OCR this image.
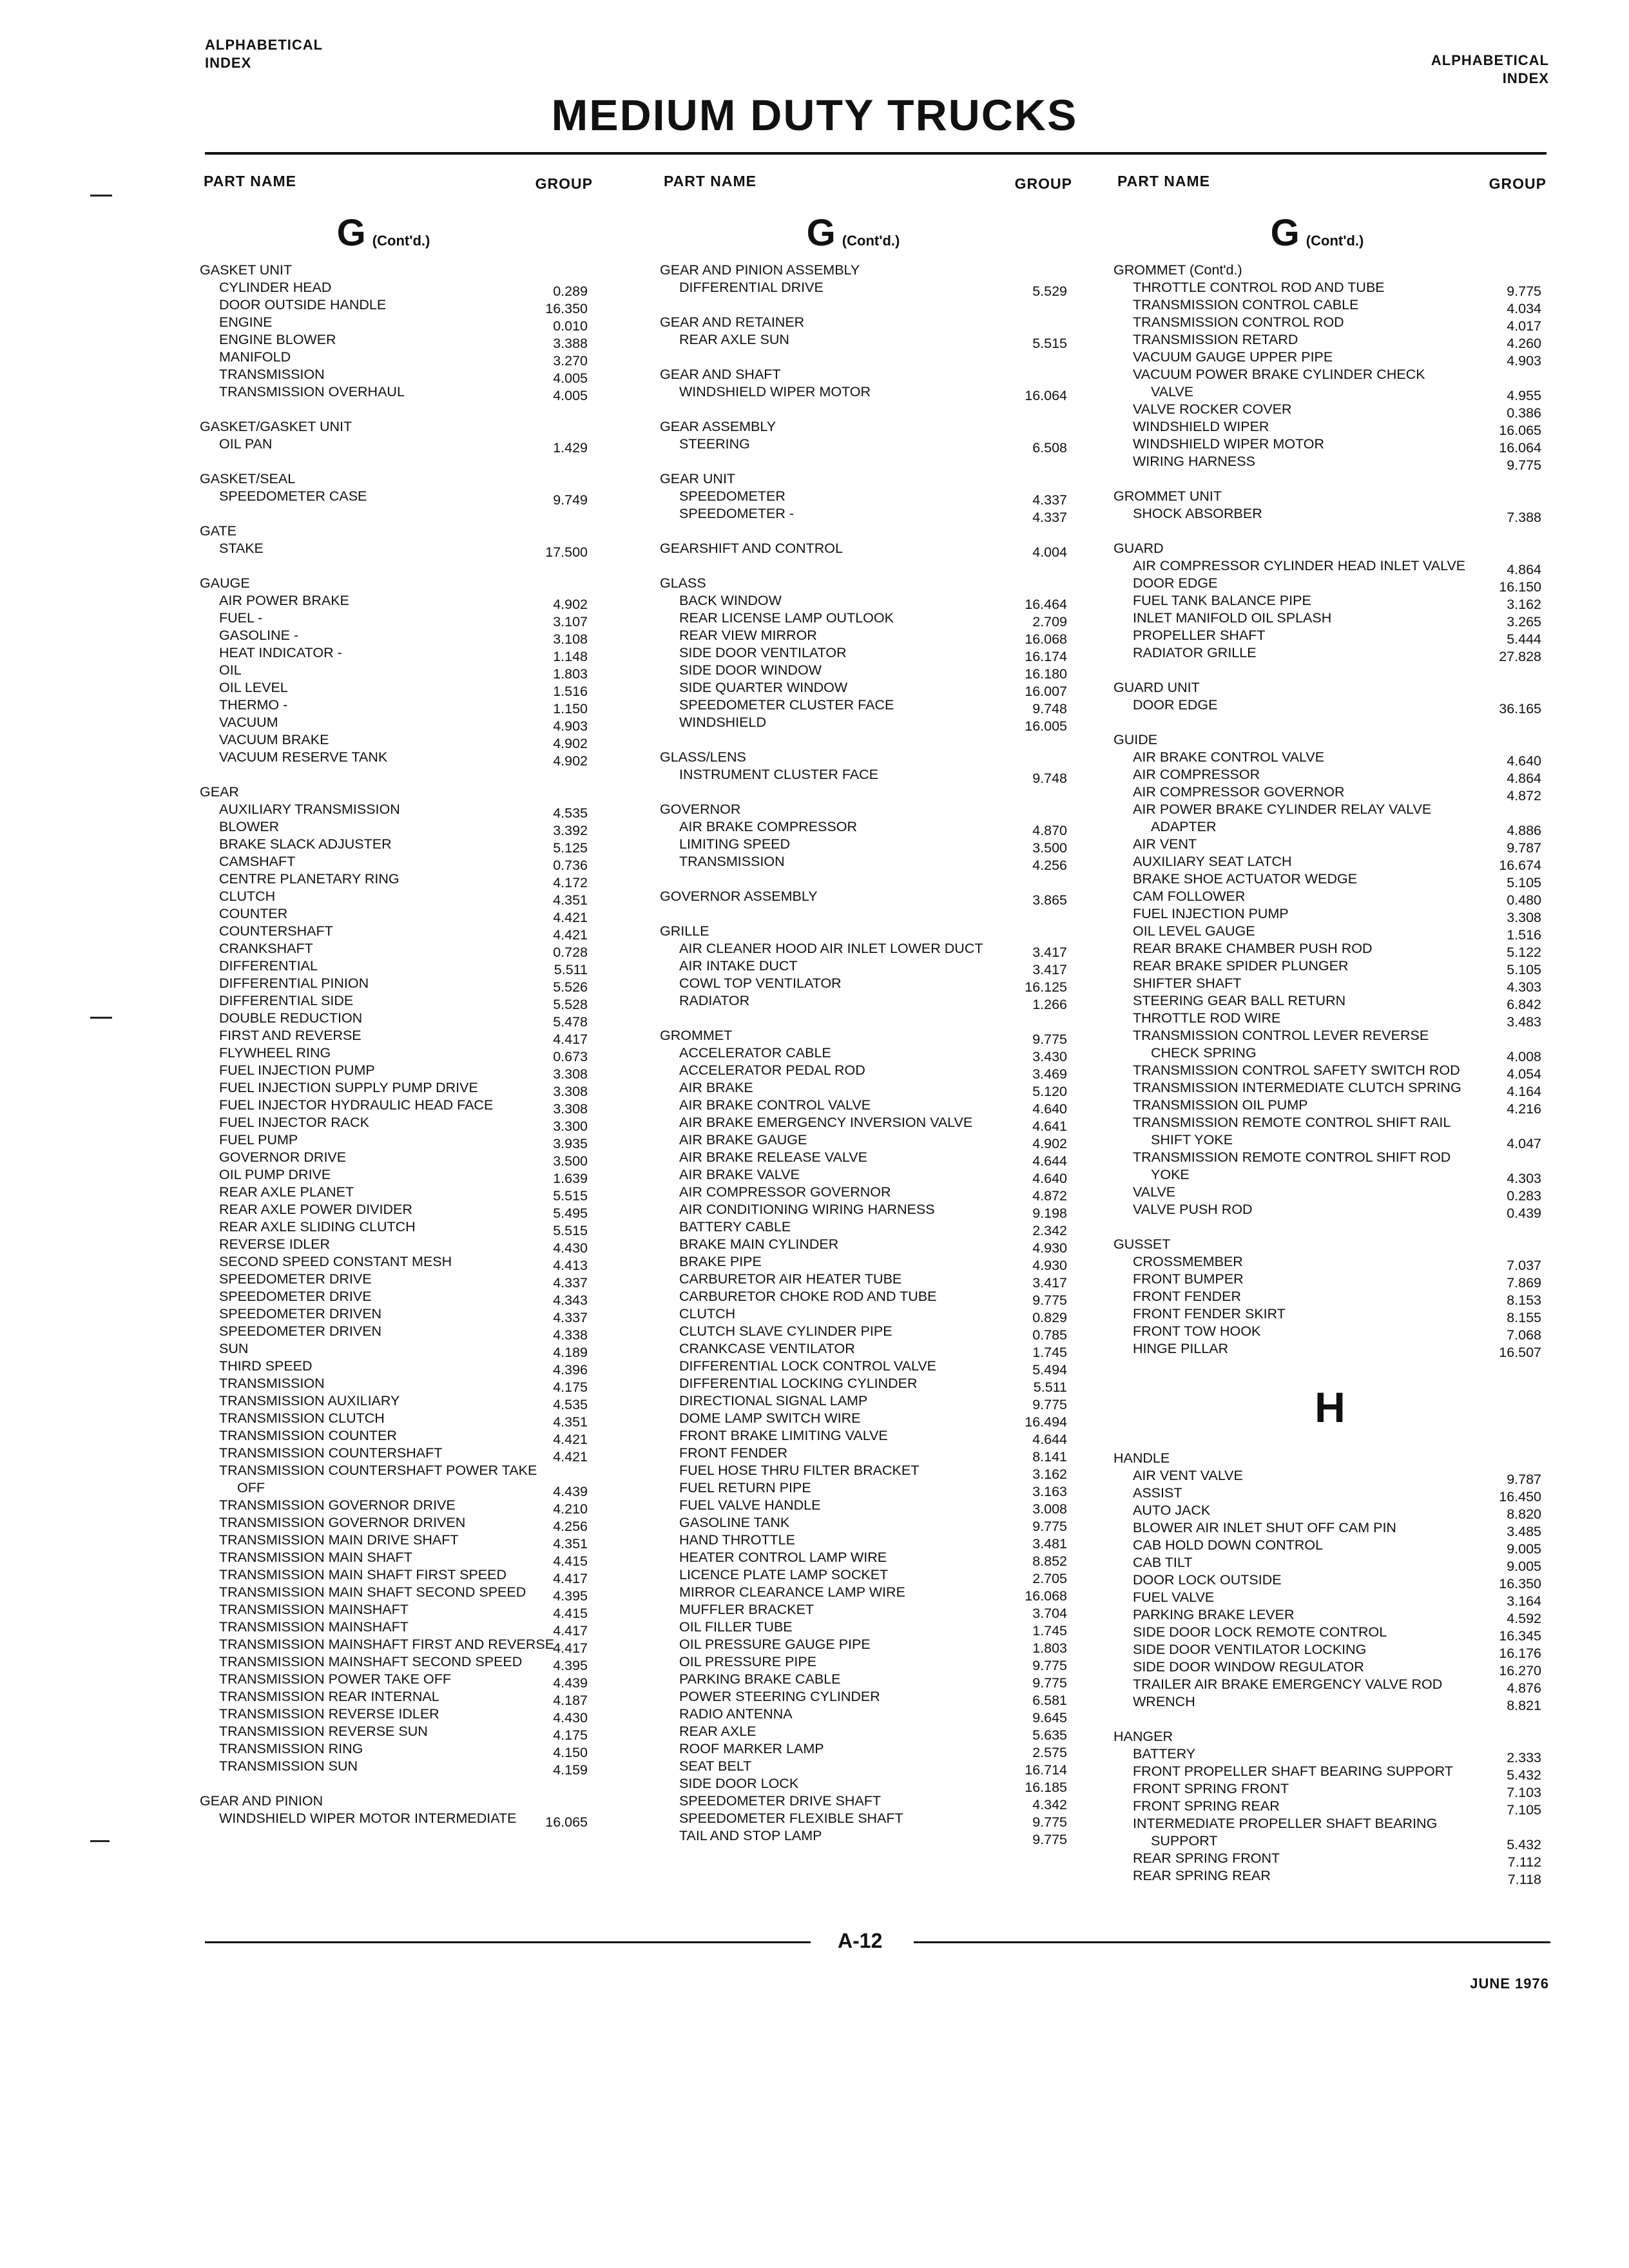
ALPHABETICAL
INDEX	ALPHABETICAL
INDEX
MEDIUM DUTY TRUCKS
PART NAME	GROUP
G (Cont'd.)
GASKET UNIT
CYLINDER HEAD	0.289
DOOR OUTSIDE HANDLE	16.350
ENGINE	0.010
ENGINE BLOWER	3.388
MANIFOLD	3.270
TRANSMISSION	4.005
TRANSMISSION OVERHAUL	4.005
GASKET/GASKET UNIT
OIL PAN	1.429
GASKET/SEAL
SPEEDOMETER CASE	9.749
GATE
STAKE	17.500
GAUGE
AIR POWER BRAKE	4.902
FUEL -	3.107
GASOLINE -	3.108
HEAT INDICATOR -	1.148
OIL	1.803
OIL LEVEL	1.516
THERMO -	1.150
VACUUM	4.903
VACUUM BRAKE	4.902
VACUUM RESERVE TANK	4.902
GEAR
AUXILIARY TRANSMISSION	4.535
BLOWER	3.392
BRAKE SLACK ADJUSTER	5.125
CAMSHAFT	0.736
CENTRE PLANETARY RING	4.172
CLUTCH	4.351
COUNTER	4.421
COUNTERSHAFT	4.421
CRANKSHAFT	0.728
DIFFERENTIAL	5.511
DIFFERENTIAL PINION	5.526
DIFFERENTIAL SIDE	5.528
DOUBLE REDUCTION	5.478
FIRST AND REVERSE	4.417
FLYWHEEL RING	0.673
FUEL INJECTION PUMP	3.308
FUEL INJECTION SUPPLY PUMP DRIVE	3.308
FUEL INJECTOR HYDRAULIC HEAD FACE	3.308
FUEL INJECTOR RACK	3.300
FUEL PUMP	3.935
GOVERNOR DRIVE	3.500
OIL PUMP DRIVE	1.639
REAR AXLE PLANET	5.515
REAR AXLE POWER DIVIDER	5.495
REAR AXLE SLIDING CLUTCH	5.515
REVERSE IDLER	4.430
SECOND SPEED CONSTANT MESH	4.413
SPEEDOMETER DRIVE	4.337
SPEEDOMETER DRIVE	4.343
SPEEDOMETER DRIVEN	4.337
SPEEDOMETER DRIVEN	4.338
SUN	4.189
THIRD SPEED	4.396
TRANSMISSION	4.175
TRANSMISSION AUXILIARY	4.535
TRANSMISSION CLUTCH	4.351
TRANSMISSION COUNTER	4.421
TRANSMISSION COUNTERSHAFT	4.421
TRANSMISSION COUNTERSHAFT POWER TAKE
OFF	4.439
TRANSMISSION GOVERNOR DRIVE	4.210
TRANSMISSION GOVERNOR DRIVEN	4.256
TRANSMISSION MAIN DRIVE SHAFT	4.351
TRANSMISSION MAIN SHAFT	4.415
TRANSMISSION MAIN SHAFT FIRST SPEED	4.417
TRANSMISSION MAIN SHAFT SECOND SPEED 4.395
TRANSMISSION MAINSHAFT	4.415
TRANSMISSION MAINSHAFT	4.417
TRANSMISSION MAINSHAFT FIRST AND REVERSE
4.417
TRANSMISSION MAINSHAFT SECOND SPEED 4.395
TRANSMISSION POWER TAKE OFF	4.439
TRANSMISSION REAR INTERNAL	4.187
TRANSMISSION REVERSE IDLER	4.430
TRANSMISSION REVERSE SUN	4.175
TRANSMISSION RING	4.150
TRANSMISSION SUN	4.159
GEAR AND PINION
WINDSHIELD WIPER MOTOR INTERMEDIATE 16.065
PART NAME	GROUP
G (Cont'd.)
GEAR AND PINION ASSEMBLY
DIFFERENTIAL DRIVE	5.529
GEAR AND RETAINER
REAR AXLE SUN	5.515
GEAR AND SHAFT
WINDSHIELD WIPER MOTOR	16.064
GEAR ASSEMBLY
STEERING	6.508
GEAR UNIT
SPEEDOMETER	4.337
SPEEDOMETER -	4.337
GEARSHIFT AND CONTROL	4.004
GLASS
BACK WINDOW	16.464
REAR LICENSE LAMP OUTLOOK	2.709
REAR VIEW MIRROR	16.068
SIDE DOOR VENTILATOR	16.174
SIDE DOOR WINDOW	16.180
SIDE QUARTER WINDOW	16.007
SPEEDOMETER CLUSTER FACE	9.748
WINDSHIELD	16.005
GLASS/LENS
INSTRUMENT CLUSTER FACE	9.748
GOVERNOR
AIR BRAKE COMPRESSOR	4.870
LIMITING SPEED	3.500
TRANSMISSION	4.256
GOVERNOR ASSEMBLY	3.865
GRILLE
AIR CLEANER HOOD AIR INLET LOWER DUCT	3.417
AIR INTAKE DUCT	3.417
COWL TOP VENTILATOR	16.125
RADIATOR	1.266
GROMMET	9.775
ACCELERATOR CABLE	3.430
ACCELERATOR PEDAL ROD	3.469
AIR BRAKE	5.120
AIR BRAKE CONTROL VALVE	4.640
AIR BRAKE EMERGENCY INVERSION VALVE	4.641
AIR BRAKE GAUGE	4.902
AIR BRAKE RELEASE VALVE	4.644
AIR BRAKE VALVE	4.640
AIR COMPRESSOR GOVERNOR	4.872
AIR CONDITIONING WIRING HARNESS	9.198
BATTERY CABLE	2.342
BRAKE MAIN CYLINDER	4.930
BRAKE PIPE	4.930
CARBURETOR AIR HEATER TUBE	3.417
CARBURETOR CHOKE ROD AND TUBE	9.775
CLUTCH	0.829
CLUTCH SLAVE CYLINDER PIPE	0.785
CRANKCASE VENTILATOR	1.745
DIFFERENTIAL LOCK CONTROL VALVE	5.494
DIFFERENTIAL LOCKING CYLINDER	5.511
DIRECTIONAL SIGNAL LAMP	9.775
DOME LAMP SWITCH WIRE	16.494
FRONT BRAKE LIMITING VALVE	4.644
FRONT FENDER	8.141
FUEL HOSE THRU FILTER BRACKET	3.162
FUEL RETURN PIPE	3.163
FUEL VALVE HANDLE	3.008
GASOLINE TANK	9.775
HAND THROTTLE	3.481
HEATER CONTROL LAMP WIRE	8.852
LICENCE PLATE LAMP SOCKET	2.705
MIRROR CLEARANCE LAMP WIRE	16.068
MUFFLER BRACKET	3.704
OIL FILLER TUBE	1.745
OIL PRESSURE GAUGE PIPE	1.803
OIL PRESSURE PIPE	9.775
PARKING BRAKE CABLE	9.775
POWER STEERING CYLINDER	6.581
RADIO ANTENNA	9.645
REAR AXLE	5.635
ROOF MARKER LAMP	2.575
SEAT BELT	16.714
SIDE DOOR LOCK	16.185
SPEEDOMETER DRIVE SHAFT	4.342
SPEEDOMETER FLEXIBLE SHAFT	9.775
TAIL AND STOP LAMP	9.775
PART NAME	GROUP
G (Cont'd.)
GROMMET (Cont'd.)
THROTTLE CONTROL ROD AND TUBE	9.775
TRANSMISSION CONTROL CABLE	4.034
TRANSMISSION CONTROL ROD	4.017
TRANSMISSION RETARD	4.260
VACUUM GAUGE UPPER PIPE	4.903
VACUUM POWER BRAKE CYLINDER CHECK
VALVE	4.955
VALVE ROCKER COVER	0.386
WINDSHIELD WIPER	16.065
WINDSHIELD WIPER MOTOR	16.064
WIRING HARNESS	9.775
GROMMET UNIT
SHOCK ABSORBER	7.388
GUARD
AIR COMPRESSOR CYLINDER HEAD INLET VALVE	4.864
DOOR EDGE	16.150
FUEL TANK BALANCE PIPE	3.162
INLET MANIFOLD OIL SPLASH	3.265
PROPELLER SHAFT	5.444
RADIATOR GRILLE	27.828
GUARD UNIT
DOOR EDGE	36.165
GUIDE
AIR BRAKE CONTROL VALVE	4.640
AIR COMPRESSOR	4.864
AIR COMPRESSOR GOVERNOR	4.872
AIR POWER BRAKE CYLINDER RELAY VALVE
ADAPTER	4.886
AIR VENT	9.787
AUXILIARY SEAT LATCH	16.674
BRAKE SHOE ACTUATOR WEDGE	5.105
CAM FOLLOWER	0.480
FUEL INJECTION PUMP	3.308
OIL LEVEL GAUGE	1.516
REAR BRAKE CHAMBER PUSH ROD	5.122
REAR BRAKE SPIDER PLUNGER	5.105
SHIFTER SHAFT	4.303
STEERING GEAR BALL RETURN	6.842
THROTTLE ROD WIRE	3.483
TRANSMISSION CONTROL LEVER REVERSE
CHECK SPRING	4.008
TRANSMISSION CONTROL SAFETY SWITCH ROD	4.054
TRANSMISSION INTERMEDIATE CLUTCH SPRING	4.164
TRANSMISSION OIL PUMP	4.216
TRANSMISSION REMOTE CONTROL SHIFT RAIL
SHIFT YOKE	4.047
TRANSMISSION REMOTE CONTROL SHIFT ROD
YOKE	4.303
VALVE	0.283
VALVE PUSH ROD	0.439
GUSSET
CROSSMEMBER	7.037
FRONT BUMPER	7.869
FRONT FENDER	8.153
FRONT FENDER SKIRT	8.155
FRONT TOW HOOK	7.068
HINGE PILLAR	16.507
H
HANDLE
AIR VENT VALVE	9.787
ASSIST	16.450
AUTO JACK	8.820
BLOWER AIR INLET SHUT OFF CAM PIN	3.485
CAB HOLD DOWN CONTROL	9.005
CAB TILT	9.005
DOOR LOCK OUTSIDE	16.350
FUEL VALVE	3.164
PARKING BRAKE LEVER	4.592
SIDE DOOR LOCK REMOTE CONTROL	16.345
SIDE DOOR VENTILATOR LOCKING	16.176
SIDE DOOR WINDOW REGULATOR	16.270
TRAILER AIR BRAKE EMERGENCY VALVE ROD	4.876
WRENCH	8.821
HANGER
BATTERY	2.333
FRONT PROPELLER SHAFT BEARING SUPPORT	5.432
FRONT SPRING FRONT	7.103
FRONT SPRING REAR	7.105
INTERMEDIATE PROPELLER SHAFT BEARING
SUPPORT	5.432
REAR SPRING FRONT	7.112
REAR SPRING REAR	7.118
A-12
JUNE 1976
